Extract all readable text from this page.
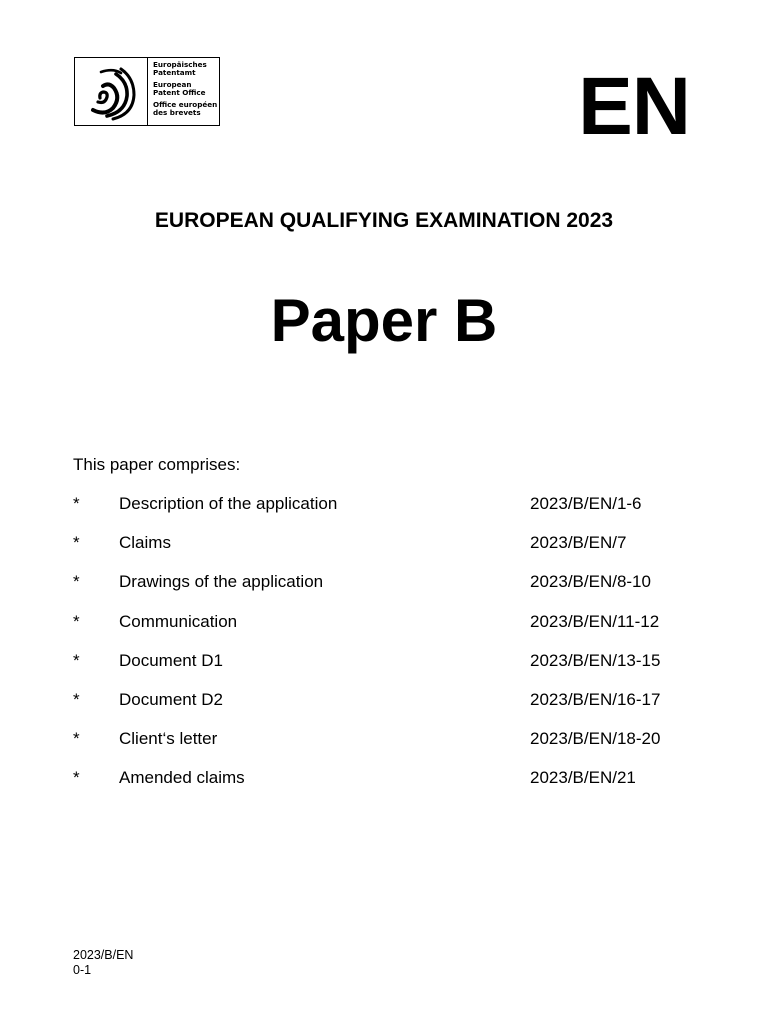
Europäisches
Patentamt
European
Patent Office
Office européen
des brevets	EN
EUROPEAN QUALIFYING EXAMINATION 2023
Paper B
This paper comprises:
* Description of the application	2023/B/EN/1-6
* Claims	2023/B/EN/7
* Drawings of the application	2023/B/EN/8-10
* Communication	2023/B/EN/11-12
* Document D1	2023/B/EN/13-15
* Document D2	2023/B/EN/16-17
* Client‘s letter	2023/B/EN/18-20
* Amended claims	2023/B/EN/21
2023/B/EN
0-1
